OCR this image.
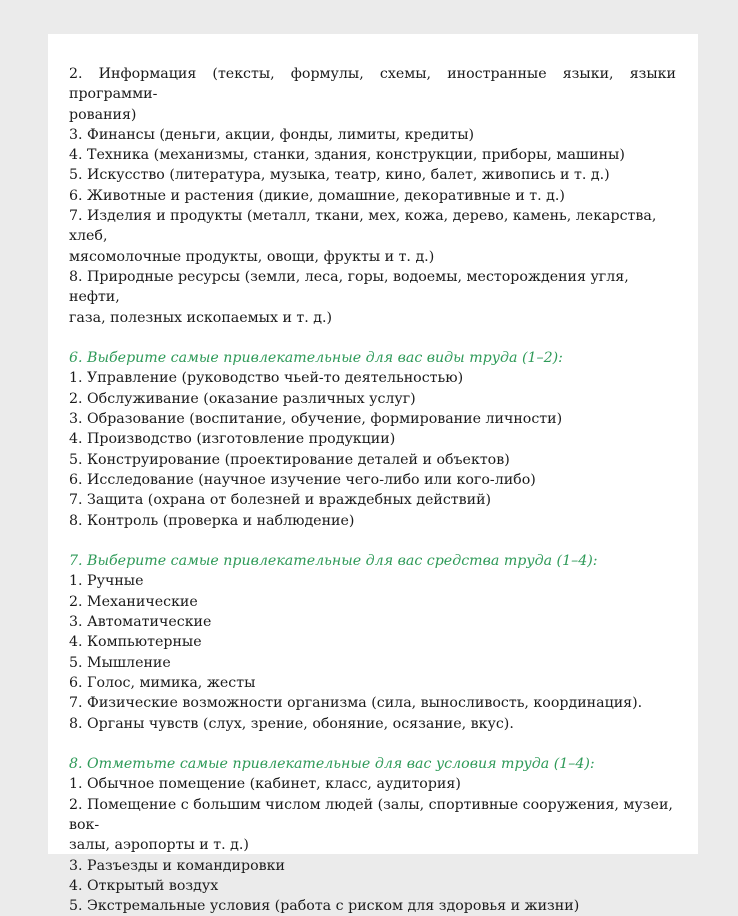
2. Информация (тексты, формулы, схемы, иностранные языки, языки программи-
рования)

3. Финансы (деньги, акции, фонды, лимиты, кредиты)

4. Техника (механизмы, станки, здания, конструкции, приборы, машины)

5. Искусство (литература, музыка, театр, кино, балет, живопись и т. д.)

6. Животные и растения (дикие, домашние, декоративные и т. д.)

7. Изделия и продукты (металл, ткани, мех, кожа, дерево, камень, лекарства, хлеб,
мясомолочные продукты, овощи, фрукты и т. д.)

8. Природные ресурсы (земли, леса, горы, водоемы, месторождения угля, нефти,
газа, полезных ископаемых и т. д.)

6. Выберите самые привлекательные для вас виды труда (1–2):

1. Управление (руководство чьей-то деятельностью)

2. Обслуживание (оказание различных услуг)

3. Образование (воспитание, обучение, формирование личности)

4. Производство (изготовление продукции)

5. Конструирование (проектирование деталей и объектов)

6. Исследование (научное изучение чего-либо или кого-либо)

7. Защита (охрана от болезней и враждебных действий)

8. Контроль (проверка и наблюдение)

7. Выберите самые привлекательные для вас средства труда (1–4):

1. Ручные

2. Механические

3. Автоматические

4. Компьютерные

5. Мышление

6. Голос, мимика, жесты

7. Физические возможности организма (сила, выносливость, координация).

8. Органы чувств (слух, зрение, обоняние, осязание, вкус).

8. Отметьте самые привлекательные для вас условия труда (1–4):

1. Обычное помещение (кабинет, класс, аудитория)

2. Помещение с большим числом людей (залы, спортивные сооружения, музеи, вок-
залы, аэропорты и т. д.)

3. Разъезды и командировки

4. Открытый воздух

5. Экстремальные условия (работа с риском для здоровья и жизни)
